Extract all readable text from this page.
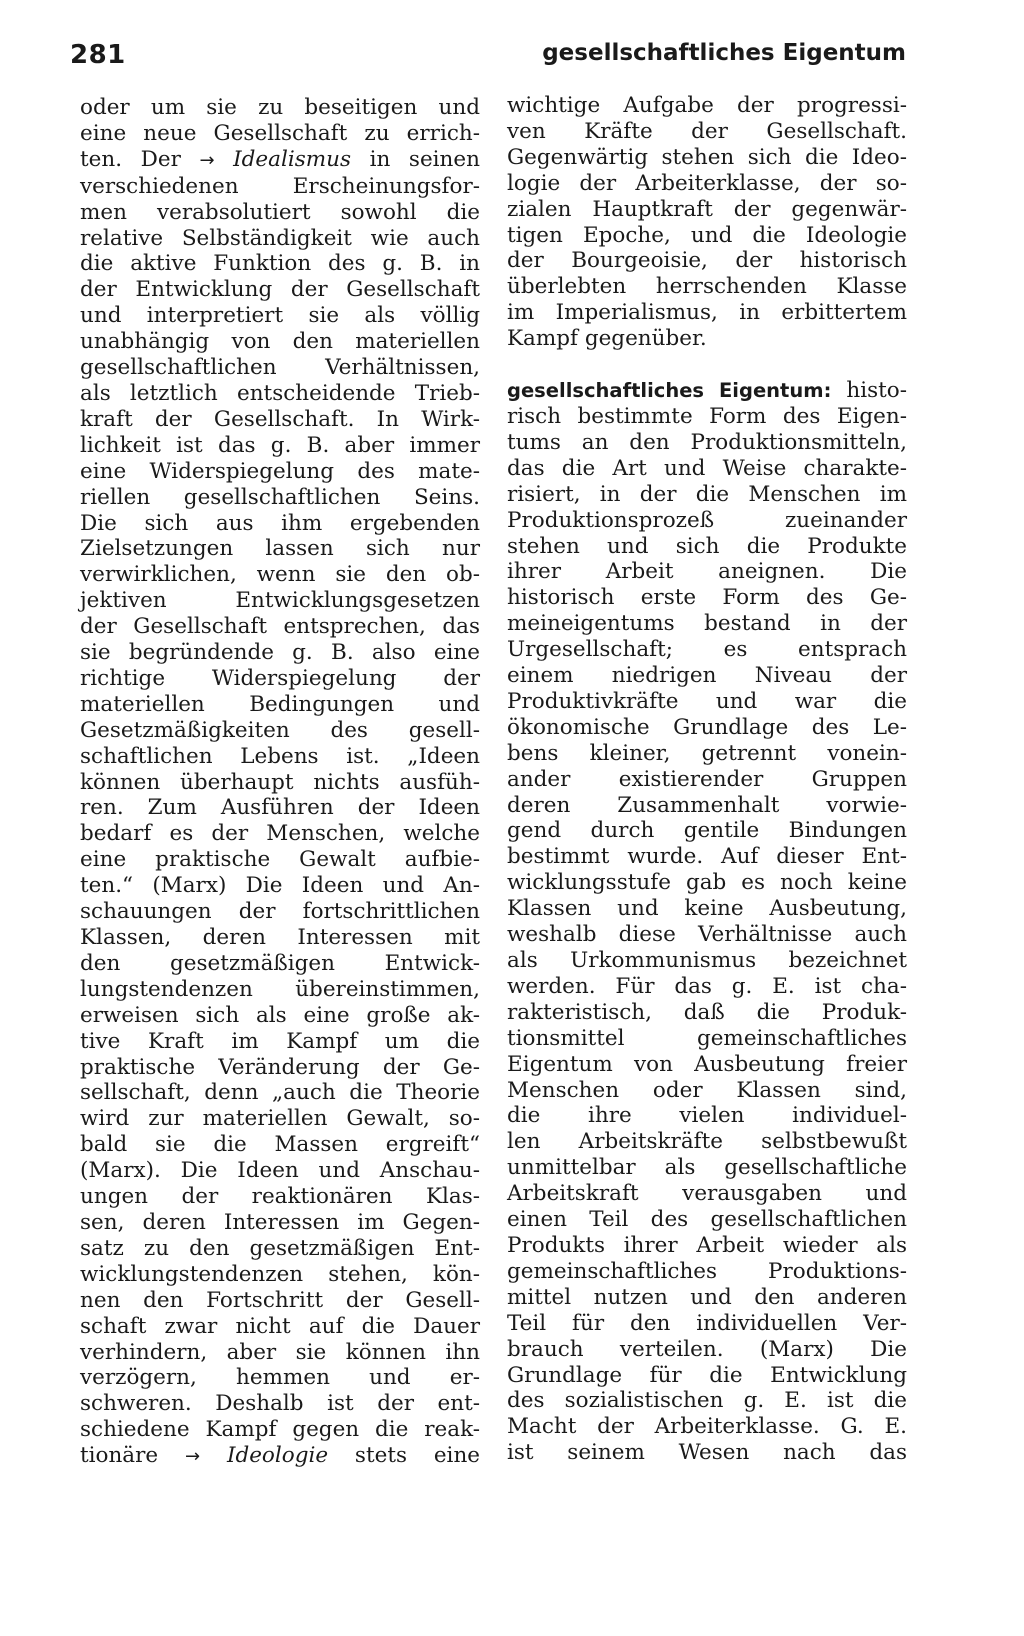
281	gesellschaftliches Eigentum

oder um sie zu beseitigen und
eine neue Gesellschaft zu errich-
ten. Der → Idealismus in seinen
verschiedenen Erscheinungsfor-
men verabsolutiert sowohl die
relative Selbständigkeit wie auch
die aktive Funktion des g. B. in
der Entwicklung der Gesellschaft
und interpretiert sie als völlig
unabhängig von den materiellen
gesellschaftlichen Verhältnissen,
als letztlich entscheidende Trieb-
kraft der Gesellschaft. In Wirk-
lichkeit ist das g. B. aber immer
eine Widerspiegelung des mate-
riellen gesellschaftlichen Seins.
Die sich aus ihm ergebenden
Zielsetzungen lassen sich nur
verwirklichen, wenn sie den ob-
jektiven Entwicklungsgesetzen
der Gesellschaft entsprechen, das
sie begründende g. B. also eine
richtige Widerspiegelung der
materiellen Bedingungen und
Gesetzmäßigkeiten des gesell-
schaftlichen Lebens ist. „Ideen
können überhaupt nichts ausfüh-
ren. Zum Ausführen der Ideen
bedarf es der Menschen, welche
eine praktische Gewalt aufbie-
ten.“ (Marx) Die Ideen und An-
schauungen der fortschrittlichen
Klassen, deren Interessen mit
den gesetzmäßigen Entwick-
lungstendenzen übereinstimmen,
erweisen sich als eine große ak-
tive Kraft im Kampf um die
praktische Veränderung der Ge-
sellschaft, denn „auch die Theorie
wird zur materiellen Gewalt, so-
bald sie die Massen ergreift“
(Marx). Die Ideen und Anschau-
ungen der reaktionären Klas-
sen, deren Interessen im Gegen-
satz zu den gesetzmäßigen Ent-
wicklungstendenzen stehen, kön-
nen den Fortschritt der Gesell-
schaft zwar nicht auf die Dauer
verhindern, aber sie können ihn
verzögern, hemmen und er-
schweren. Deshalb ist der ent-
schiedene Kampf gegen die reak-
tionäre → Ideologie stets eine

wichtige Aufgabe der progressi-
ven Kräfte der Gesellschaft.
Gegenwärtig stehen sich die Ideo-
logie der Arbeiterklasse, der so-
zialen Hauptkraft der gegenwär-
tigen Epoche, und die Ideologie
der Bourgeoisie, der historisch
überlebten herrschenden Klasse
im Imperialismus, in erbittertem
Kampf gegenüber.

gesellschaftliches Eigentum: histo-
risch bestimmte Form des Eigen-
tums an den Produktionsmitteln,
das die Art und Weise charakte-
risiert, in der die Menschen im
Produktionsprozeß zueinander
stehen und sich die Produkte
ihrer Arbeit aneignen. Die
historisch erste Form des Ge-
meineigentums bestand in der
Urgesellschaft; es entsprach
einem niedrigen Niveau der
Produktivkräfte und war die
ökonomische Grundlage des Le-
bens kleiner, getrennt vonein-
ander existierender Gruppen
deren Zusammenhalt vorwie-
gend durch gentile Bindungen
bestimmt wurde. Auf dieser Ent-
wicklungsstufe gab es noch keine
Klassen und keine Ausbeutung,
weshalb diese Verhältnisse auch
als Urkommunismus bezeichnet
werden. Für das g. E. ist cha-
rakteristisch, daß die Produk-
tionsmittel gemeinschaftliches
Eigentum von Ausbeutung freier
Menschen oder Klassen sind,
die ihre vielen individuel-
len Arbeitskräfte selbstbewußt
unmittelbar als gesellschaftliche
Arbeitskraft verausgaben und
einen Teil des gesellschaftlichen
Produkts ihrer Arbeit wieder als
gemeinschaftliches Produktions-
mittel nutzen und den anderen
Teil für den individuellen Ver-
brauch verteilen. (Marx) Die
Grundlage für die Entwicklung
des sozialistischen g. E. ist die
Macht der Arbeiterklasse. G. E.
ist seinem Wesen nach das
